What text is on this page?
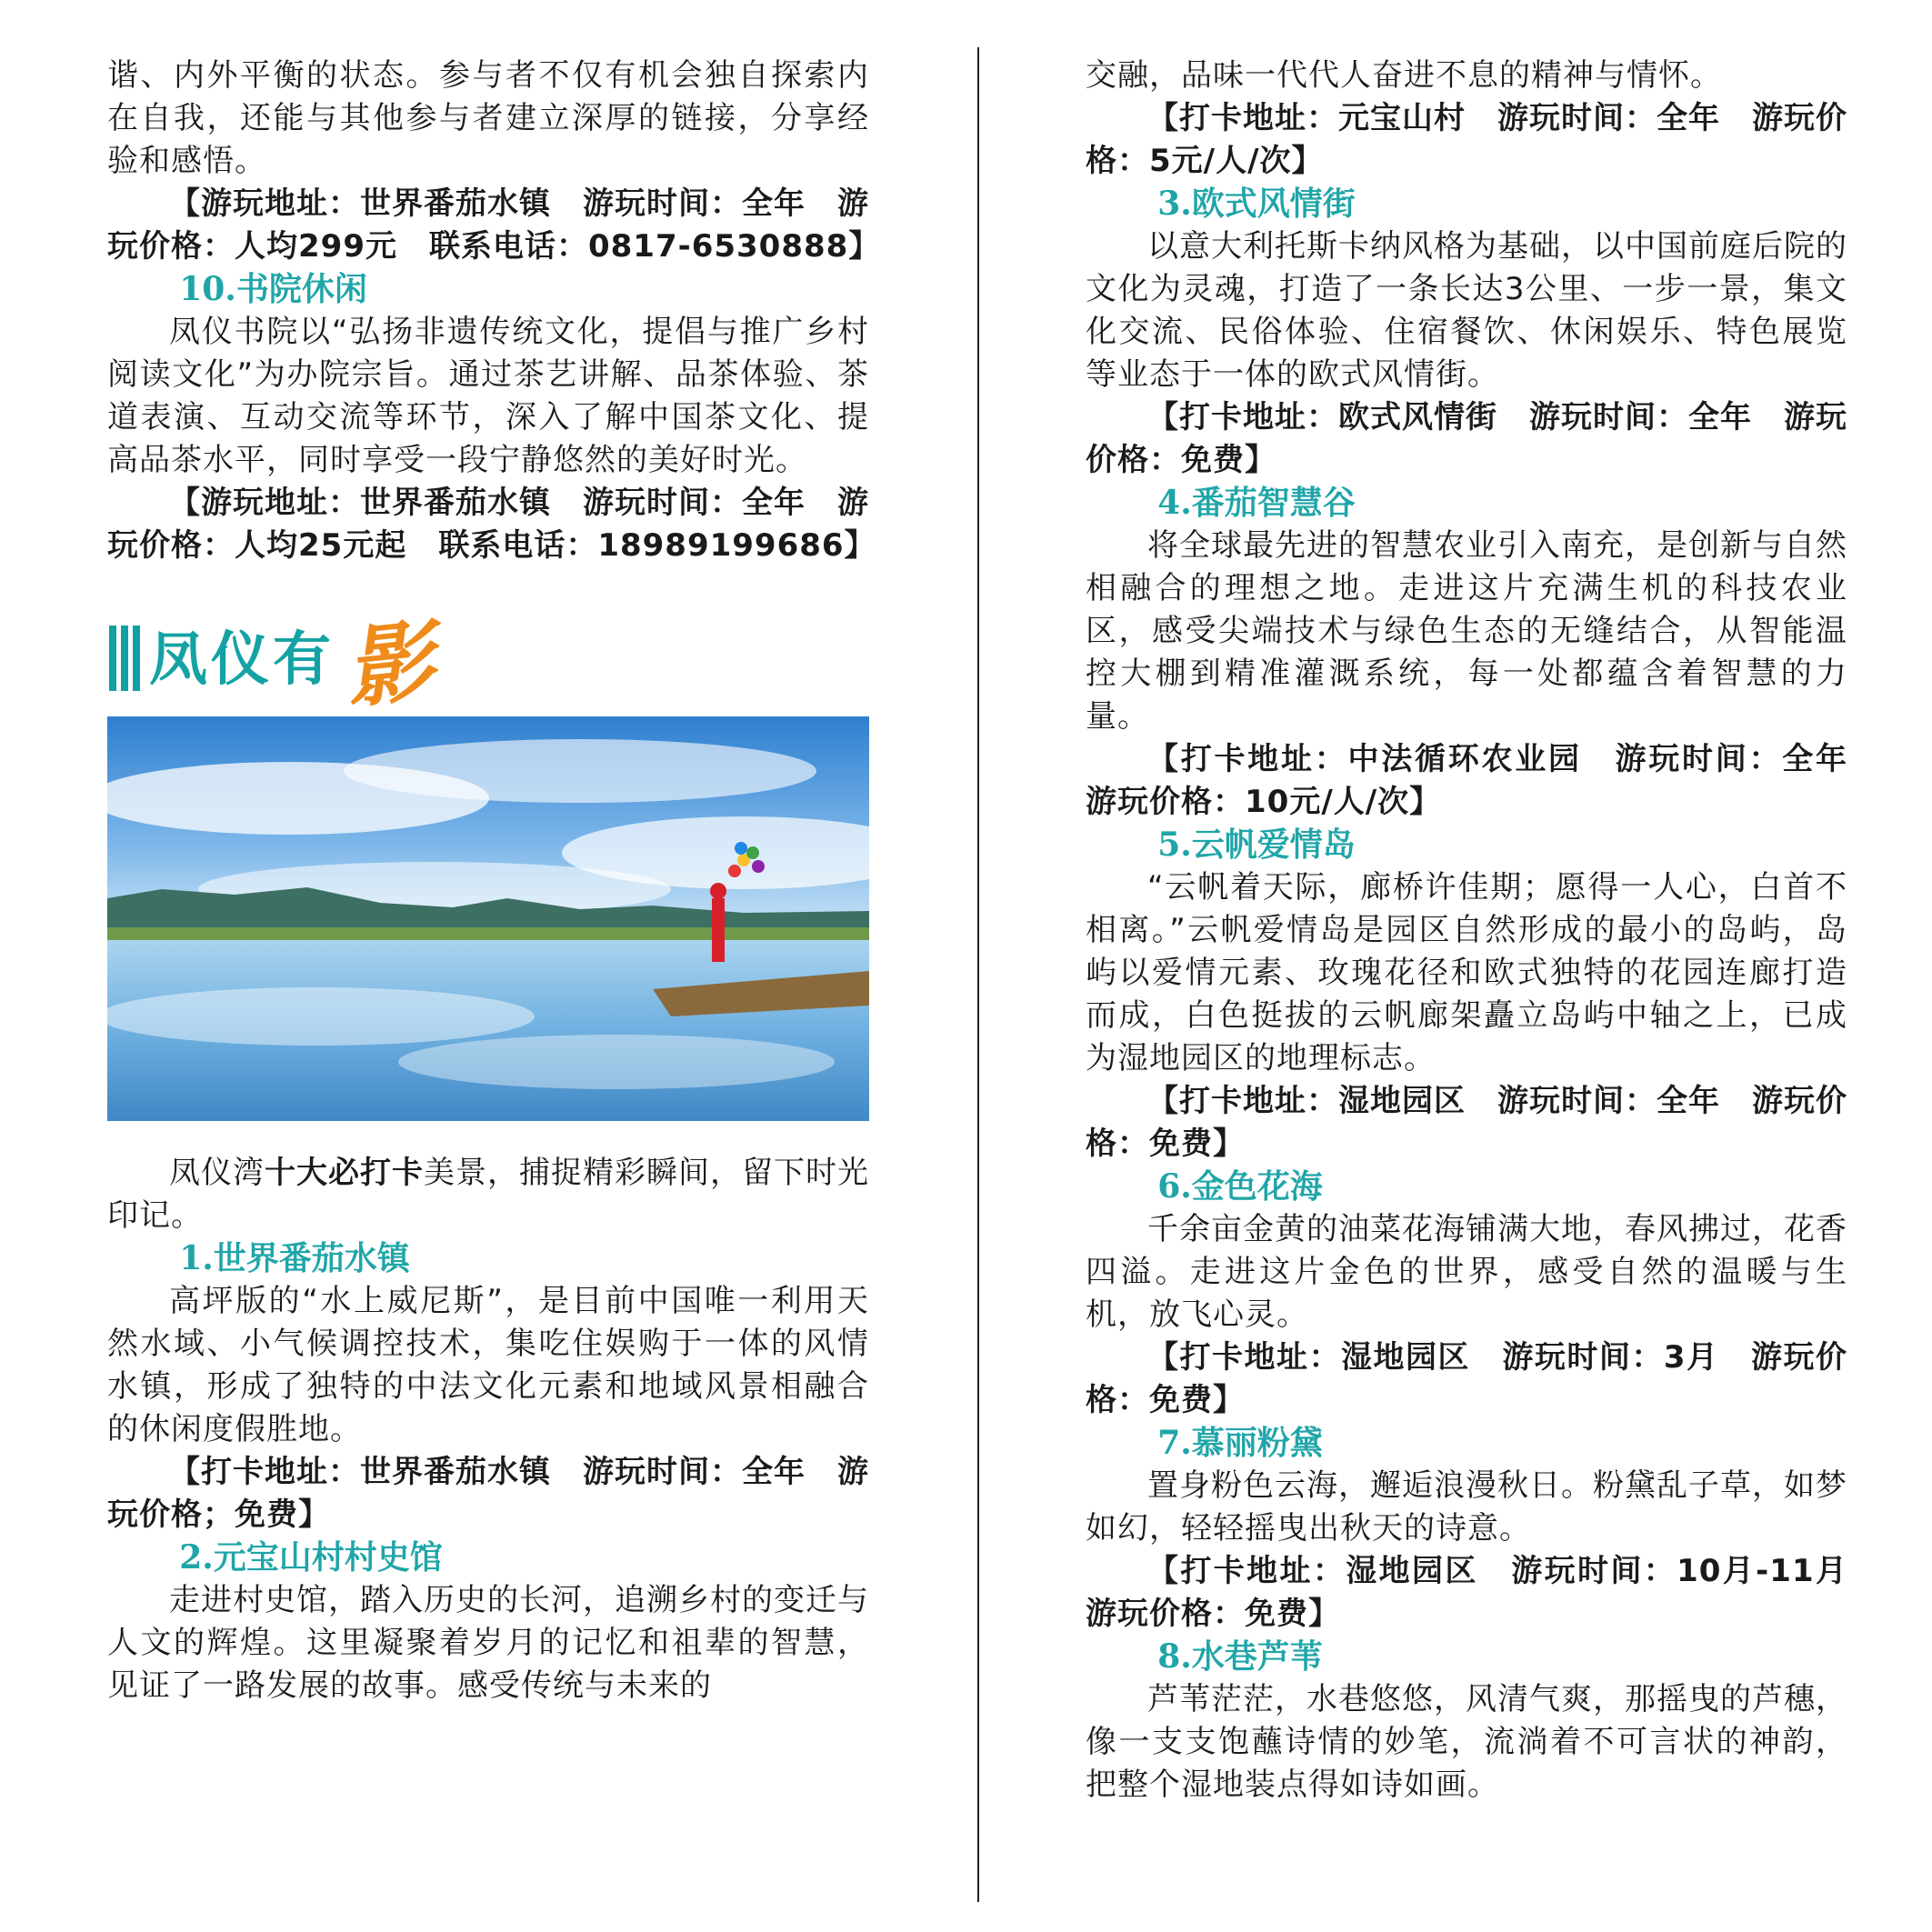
谐、内外平衡的状态。参与者不仅有机会独自探索内在自我，还能与其他参与者建立深厚的链接，分享经验和感悟。

【游玩地址：世界番茄水镇　游玩时间：全年　游玩价格：人均299元　联系电话：0817-6530888】

10.书院休闲

凤仪书院以“弘扬非遗传统文化，提倡与推广乡村阅读文化”为办院宗旨。通过茶艺讲解、品茶体验、茶道表演、互动交流等环节，深入了解中国茶文化、提高品茶水平，同时享受一段宁静悠然的美好时光。

【游玩地址：世界番茄水镇　游玩时间：全年　游玩价格：人均25元起　联系电话：18989199686】

凤仪有 影

凤仪湾十大必打卡美景，捕捉精彩瞬间，留下时光印记。

1.世界番茄水镇

高坪版的“水上威尼斯”，是目前中国唯一利用天然水域、小气候调控技术，集吃住娱购于一体的风情水镇，形成了独特的中法文化元素和地域风景相融合的休闲度假胜地。

【打卡地址：世界番茄水镇　游玩时间：全年　游玩价格；免费】

2.元宝山村村史馆

走进村史馆，踏入历史的长河，追溯乡村的变迁与人文的辉煌。这里凝聚着岁月的记忆和祖辈的智慧，见证了一路发展的故事。感受传统与未来的

交融，品味一代代人奋进不息的精神与情怀。

【打卡地址：元宝山村　游玩时间：全年　游玩价格：5元/人/次】

3.欧式风情街

以意大利托斯卡纳风格为基础，以中国前庭后院的文化为灵魂，打造了一条长达3公里、一步一景，集文化交流、民俗体验、住宿餐饮、休闲娱乐、特色展览等业态于一体的欧式风情街。

【打卡地址：欧式风情街　游玩时间：全年　游玩价格：免费】

4.番茄智慧谷

将全球最先进的智慧农业引入南充，是创新与自然相融合的理想之地。走进这片充满生机的科技农业区，感受尖端技术与绿色生态的无缝结合，从智能温控大棚到精准灌溉系统，每一处都蕴含着智慧的力量。

【打卡地址：中法循环农业园　游玩时间：全年　游玩价格：10元/人/次】

5.云帆爱情岛

“云帆着天际，廊桥许佳期；愿得一人心，白首不相离。”云帆爱情岛是园区自然形成的最小的岛屿，岛屿以爱情元素、玫瑰花径和欧式独特的花园连廊打造而成，白色挺拔的云帆廊架矗立岛屿中轴之上，已成为湿地园区的地理标志。

【打卡地址：湿地园区　游玩时间：全年　游玩价格：免费】

6.金色花海

千余亩金黄的油菜花海铺满大地，春风拂过，花香四溢。走进这片金色的世界，感受自然的温暖与生机，放飞心灵。

【打卡地址：湿地园区　游玩时间：3月　游玩价格：免费】

7.慕丽粉黛

置身粉色云海，邂逅浪漫秋日。粉黛乱子草，如梦如幻，轻轻摇曳出秋天的诗意。

【打卡地址：湿地园区　游玩时间：10月-11月　游玩价格：免费】

8.水巷芦苇

芦苇茫茫，水巷悠悠，风清气爽，那摇曳的芦穗，像一支支饱蘸诗情的妙笔，流淌着不可言状的神韵，把整个湿地装点得如诗如画。
